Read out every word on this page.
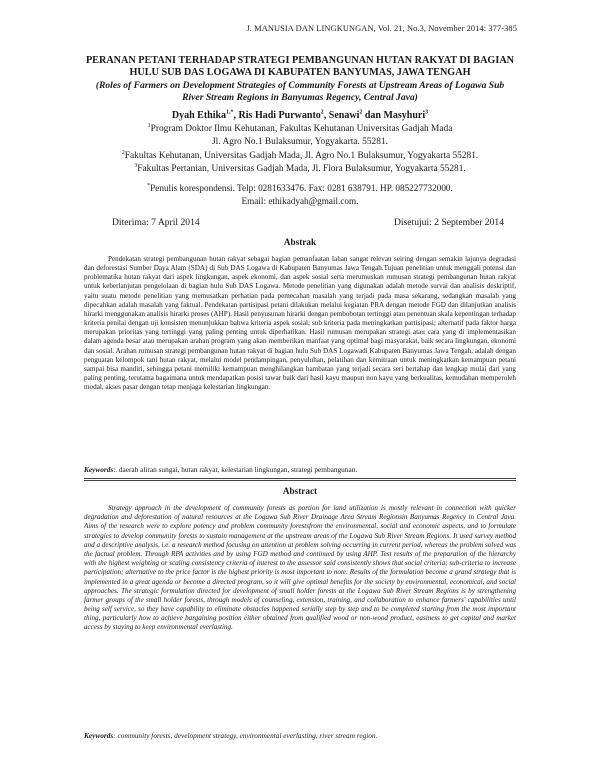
J. MANUSIA DAN LINGKUNGAN, Vol. 21, No.3, November 2014: 377-385
PERANAN PETANI TERHADAP STRATEGI PEMBANGUNAN HUTAN RAKYAT DI BAGIAN HULU SUB DAS LOGAWA DI KABUPATEN BANYUMAS, JAWA TENGAH
(Roles of Farmers on Development Strategies of Community Forests at Upstream Areas of Logawa Sub River Stream Regions in Banyumas Regency, Central Java)
Dyah Ethika$^{1,*}$, Ris Hadi Purwanto$^2$, Senawi$^2$ dan Masyhuri$^3$
$^1$Program Doktor Ilmu Kehutanan, Fakultas Kehutanan Universitas Gadjah Mada
Jl. Agro No.1 Bulaksumur, Yogyakarta. 55281.
$^2$Fakultas Kehutanan, Universitas Gadjah Mada, Jl. Agro No.1 Bulaksumur, Yogyakarta 55281.
$^3$Fakultas Pertanian, Universitas Gadjah Mada, Jl. Flora Bulaksumur, Yogyakarta 55281.
*Penulis korespondensi. Telp: 0281633476. Fax: 0281 638791. HP. 085227732000.
Email: ethikadyah@gmail.com.
Diterima: 7 April 2014	Disetujui: 2 September 2014
Abstrak
Pendekatan strategi pembangunan hutan rakyat sebagai bagian pemanfaatan lahan sangat relevan seiring dengan semakin lajunya degradasi dan deforestasi Sumber Daya Alam (SDA) di Sub DAS Logawa di Kabupaten Banyumas Jawa Tengah.Tujuan penelitian untuk menggali potensi dan problematika hutan rakyat dari aspek lingkungan, aspek ekonomi, dan aspek sosial serta merumuskan rumusan strategi pembangunan hutan rakyat untuk keberlanjutan pengelolaan di bagian hulu Sub DAS Logawa. Metode penelitian yang digunakan adalah metode survai dan analisis deskriptif, yaitu suatu metode penelitian yang memusatkan perhatian pada pemecahan masalah yang terjadi pada masa sekarang, sedangkan masalah yang dipecahkan adalah masalah yang faktual. Pendekatan partisipasi petani dilakukan melalui kegiatan PRA dengan metode FGD dan dilanjutkan analisis hirarki menggunakan analisis hirarki proses (AHP). Hasil penyusunan hirarki dengan pembobotan tertinggi atau penentuan skala kepentingan terhadap kriteria penilai dengan uji konsisten menunjukkan bahwa kriteria aspek sosial; sub kriteria pada meningkatkan partisipasi; alternatif pada faktor harga merupakan prioritas yang tertinggi yang paling penting untuk diperhatikan. Hasil rumusan merupakan strategi atau cara yang di implementasikan dalam agenda besar atau merupakan arahan program yang akan memberikan manfaat yang optimal bagi masyarakat, baik secara lingkungan, ekonomi dan sosial. Arahan rumusan strategi pembangunan hutan rakyat di bagian hulu Sub DAS Logawadi Kabupaten Banyumas Jawa Tengah, adalah dengan penguatan kelompok tani hutan rakyat, melalui model pendampingan, penyuluhan, pelatihan dan kemitraan untuk meningkatkan kemampuan petani sampai bisa mandiri, sehingga petani memiliki kemampuan menghilangkan hambatan yang terjadi secara seri bertahap dan lengkap mulai dari yang paling penting, terutama bagaimana untuk mendapatkan posisi tawar baik dari hasil kayu maupun non kayu yang berkualitas, kemudahan memperoleh modal, akses pasar dengan tetap menjaga kelestarian lingkungan.
Keywords:. daerah aliran sungai, hutan rakyat, kelestarian lingkungan, strategi pembangunan.
Abstract
Strategy approach in the development of community forests as portion for land utilization is mostly relevant in connection with quicker degradation and deforestation of natural resources at the Logawa Sub River Drainage Area Stream Regionsin Banyumas Regency in Central Java. Aims of the research were to explore potency and problem community forestsfrom the environmental, social and economic aspects, and to formulate strategies to develop community forests to sustain management at the upstream areas of the Logawa Sub River Stream Regions. It used survey method and a descriptive analysis, i.e. a research method focusing on attention at problem solving occurring in current period, whereas the problem solved was the factual problem. Through RPA activities and by using FGD method and continued by using AHP. Test results of the preparation of the hierarchy with the highest weighting or scaling consistency criteria of interest to the assessor said consistently shows that social criteria; sub-criteria to increase participation; alternative to the price factor is the highest priority is most important to note. Results of the formulation become a grand strategy that is implemented in a great agenda or become a directed program, so it will give optimal benefits for the society by environmental, economical, and social approaches. The strategic formulation directed for development of small holder forests at the Logawa Sub River Stream Regions is by strengthening farmer groups of the small holder forests, through models of counseling, extension, training, and collaboration to enhance farmers' capabilities until being self service, so they have capability to eliminate obstacles happened serially step by step and to be completed starting from the most important thing, particularly how to achieve bargaining position either obtained from qualified wood or non-wood product, easiness to get capital and market access by staying to keep environmental everlasting.
Keywords: community forests, development strategy, environmental everlasting, river stream region.
